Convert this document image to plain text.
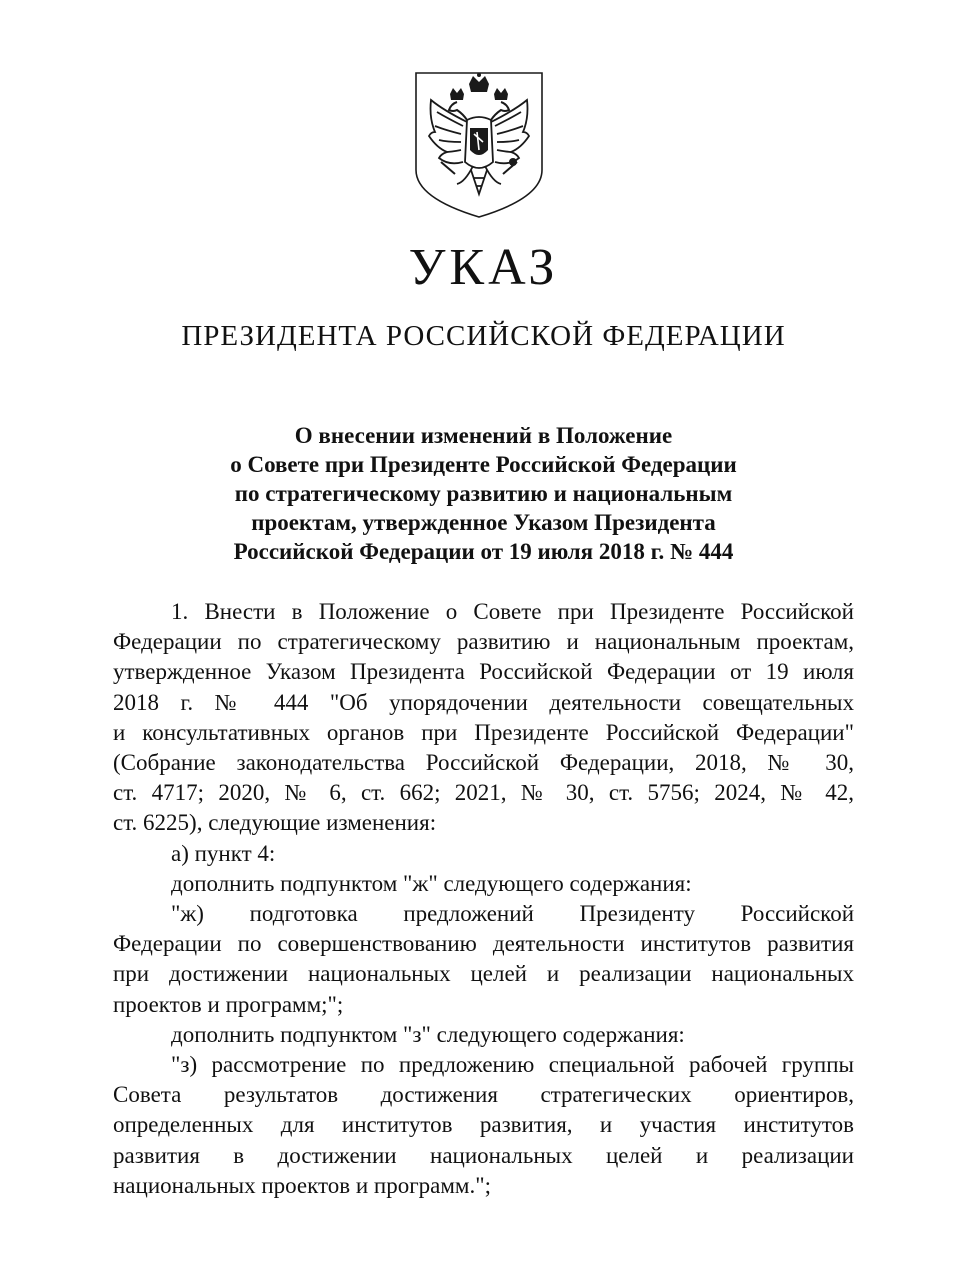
УКАЗ
ПРЕЗИДЕНТА РОССИЙСКОЙ ФЕДЕРАЦИИ
О внесении изменений в Положение
о Совете при Президенте Российской Федерации
по стратегическому развитию и национальным
проектам, утвержденное Указом Президента
Российской Федерации от 19 июля 2018 г. № 444
1. Внести в Положение о Совете при Президенте Российской
Федерации по стратегическому развитию и национальным проектам,
утвержденное Указом Президента Российской Федерации от 19 июля
2018 г. № 444 "Об упорядочении деятельности совещательных
и консультативных органов при Президенте Российской Федерации"
(Собрание законодательства Российской Федерации, 2018, № 30,
ст. 4717; 2020, № 6, ст. 662; 2021, № 30, ст. 5756; 2024, № 42,
ст. 6225), следующие изменения:
а) пункт 4:
дополнить подпунктом "ж" следующего содержания:
"ж) подготовка предложений Президенту Российской
Федерации по совершенствованию деятельности институтов развития
при достижении национальных целей и реализации национальных
проектов и программ;";
дополнить подпунктом "з" следующего содержания:
"з) рассмотрение по предложению специальной рабочей группы
Совета результатов достижения стратегических ориентиров,
определенных для институтов развития, и участия институтов
развития в достижении национальных целей и реализации
национальных проектов и программ.";
